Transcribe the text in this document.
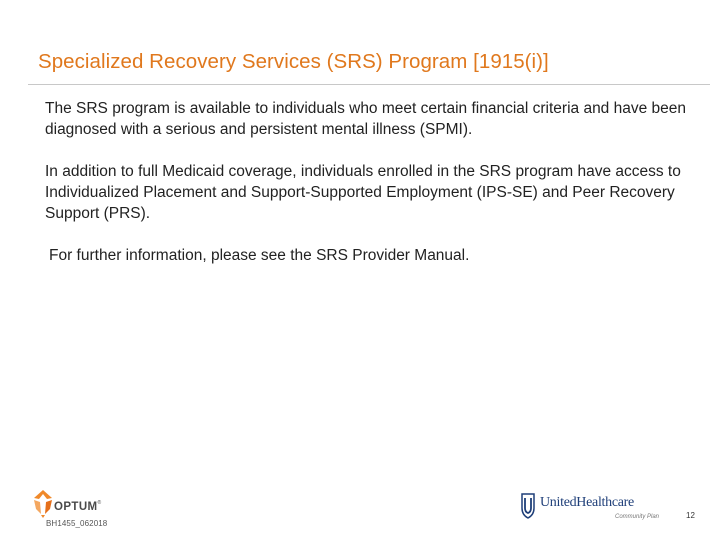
Specialized Recovery Services (SRS) Program [1915(i)]

The SRS program is available to individuals who meet certain financial criteria and have been diagnosed with a serious and persistent mental illness (SPMI).

In addition to full Medicaid coverage, individuals enrolled in the SRS program have access to Individualized Placement and Support-Supported Employment (IPS-SE) and Peer Recovery Support (PRS).

For further information, please see the SRS Provider Manual.

OPTUM®
BH1455_062018
UnitedHealthcare
Community Plan	12
